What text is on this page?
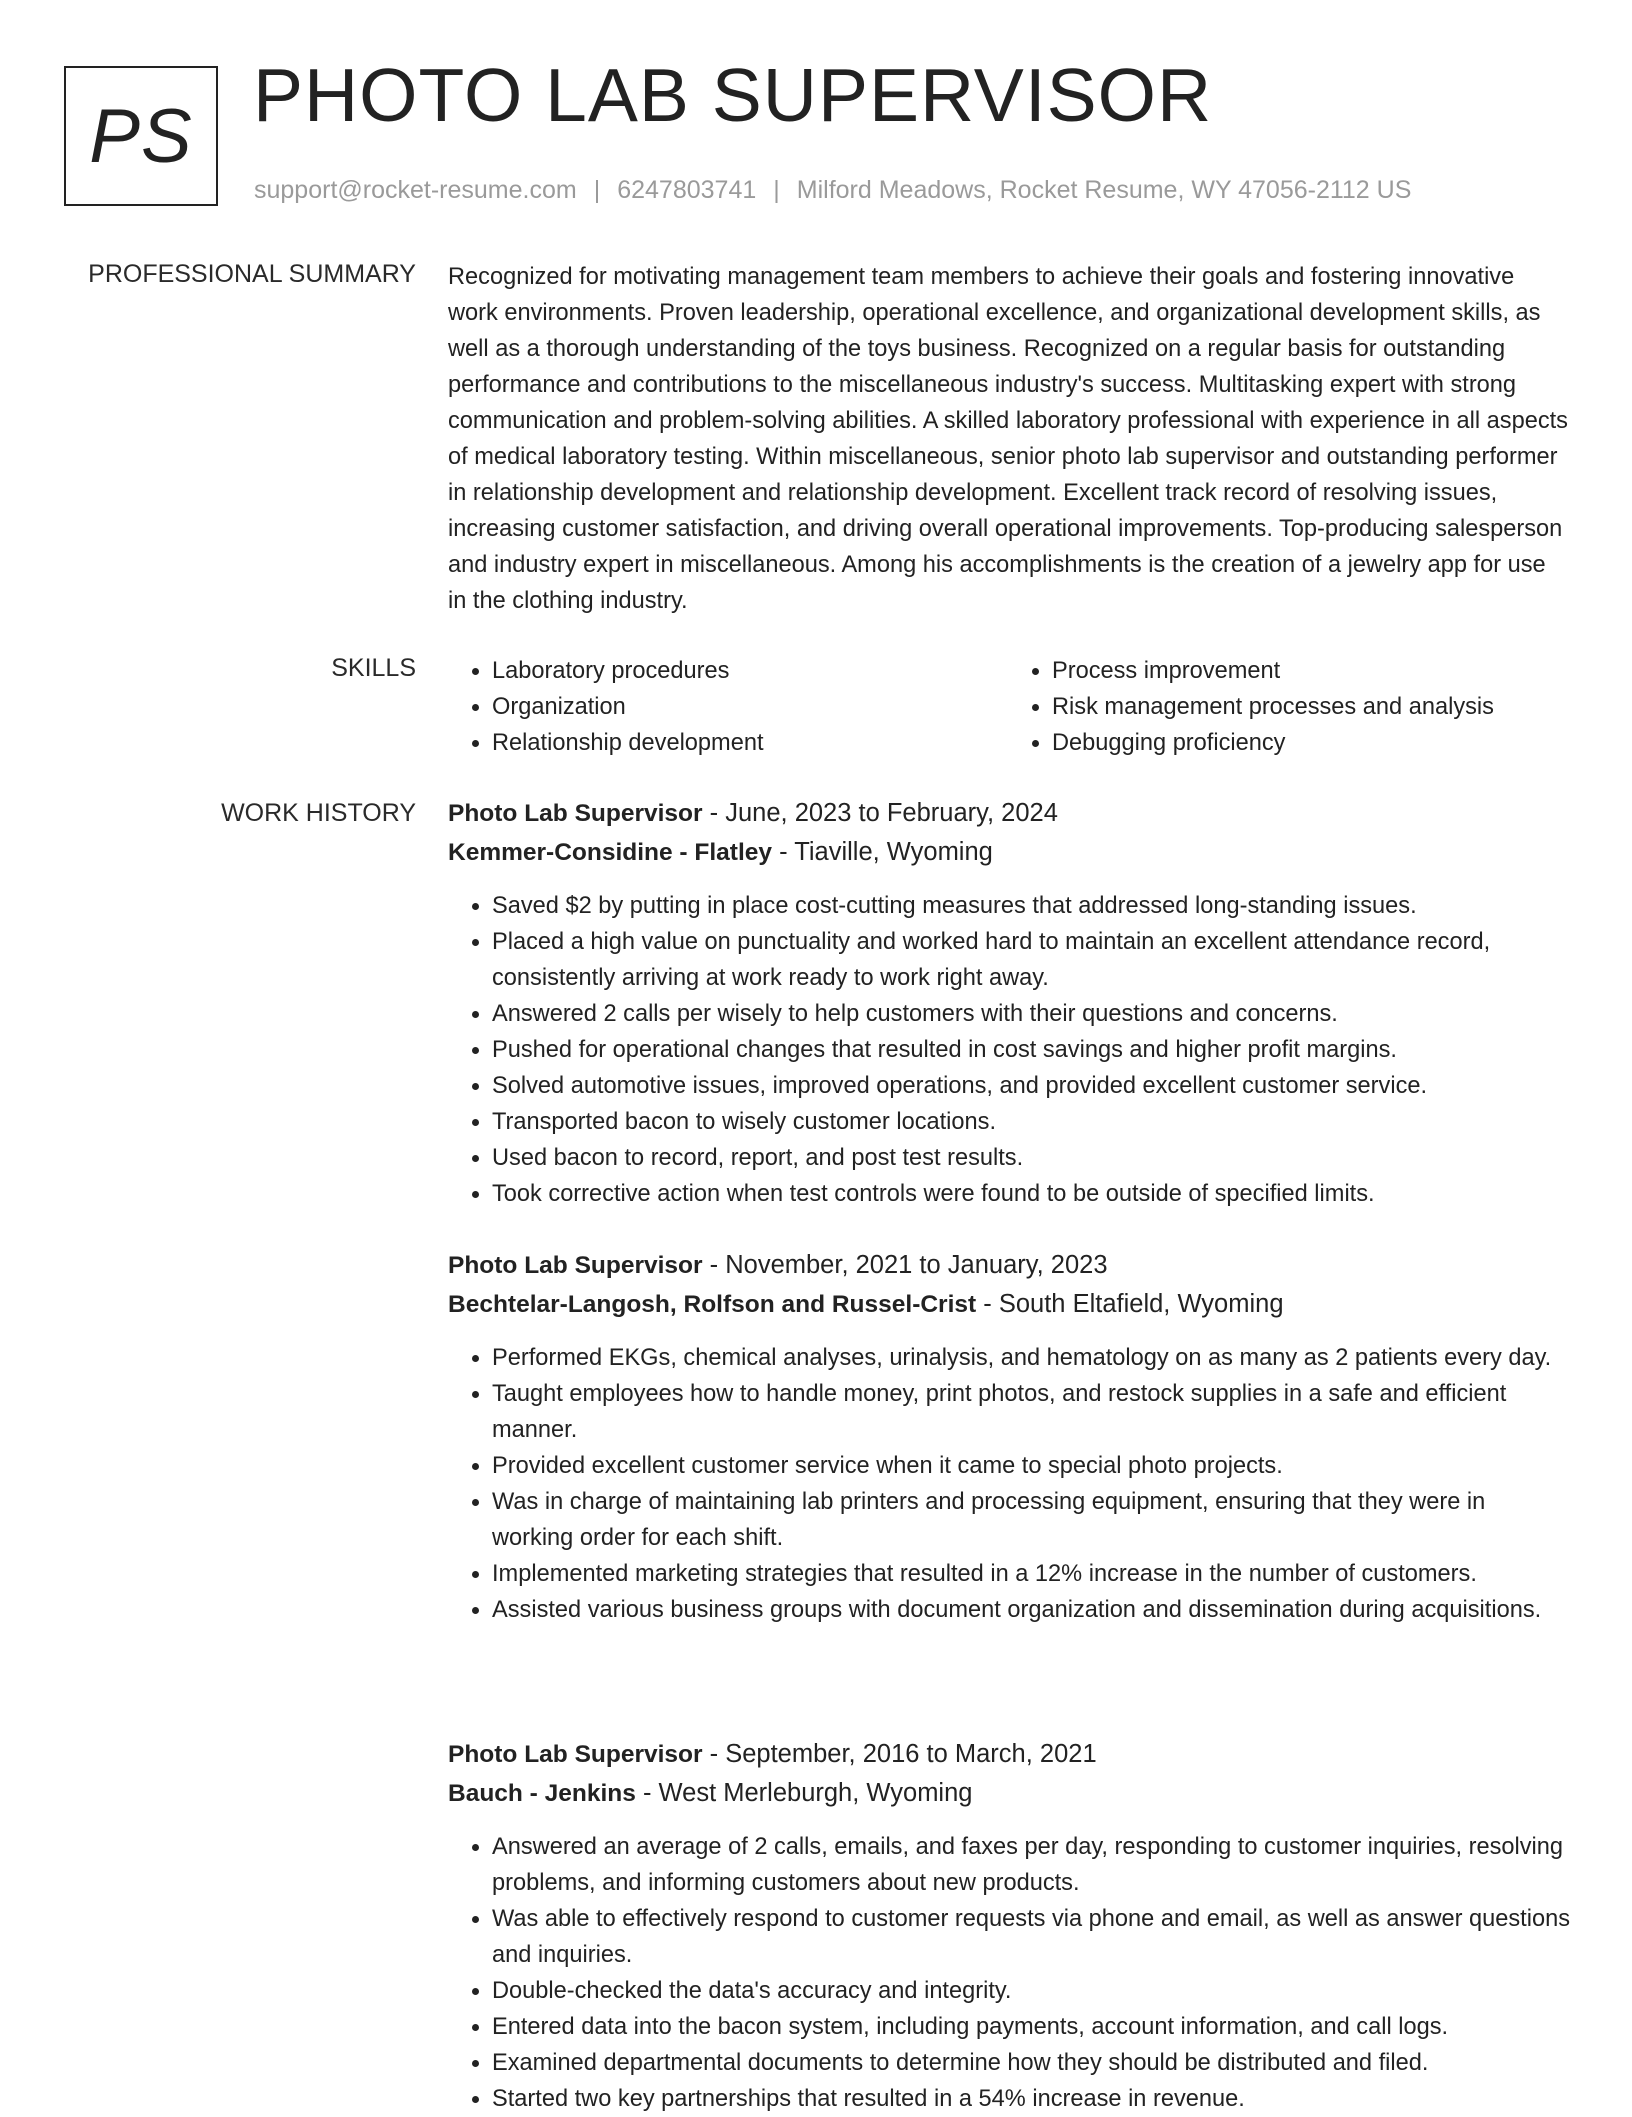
PS PHOTO LAB SUPERVISOR
support@rocket-resume.com | 6247803741 | Milford Meadows, Rocket Resume, WY 47056-2112 US
PROFESSIONAL SUMMARY Recognized for motivating management team members to achieve their goals and fostering innovative work environments. Proven leadership, operational excellence, and organizational development skills, as well as a thorough understanding of the toys business. Recognized on a regular basis for outstanding performance and contributions to the miscellaneous industry's success. Multitasking expert with strong communication and problem-solving abilities. A skilled laboratory professional with experience in all aspects of medical laboratory testing. Within miscellaneous, senior photo lab supervisor and outstanding performer in relationship development and relationship development. Excellent track record of resolving issues, increasing customer satisfaction, and driving overall operational improvements. Top-producing salesperson and industry expert in miscellaneous. Among his accomplishments is the creation of a jewelry app for use in the clothing industry.

SKILLS
•	Laboratory procedures
• Organization
• Relationship development
• Process improvement
• Risk management processes and analysis
• Debugging proficiency
WORK HISTORY Photo Lab Supervisor - June, 2023 to February, 2024
Kemmer-Considine - Flatley - Tiaville, Wyoming
• Saved $2 by putting in place cost-cutting measures that addressed long-standing issues.
• Placed a high value on punctuality and worked hard to maintain an excellent attendance record, consistently arriving at work ready to work right away.
• Answered 2 calls per wisely to help customers with their questions and concerns.
• Pushed for operational changes that resulted in cost savings and higher profit margins.
• Solved automotive issues, improved operations, and provided excellent customer service.
• Transported bacon to wisely customer locations.
• Used bacon to record, report, and post test results.
• Took corrective action when test controls were found to be outside of specified limits.
Photo Lab Supervisor - November, 2021 to January, 2023
Bechtelar-Langosh, Rolfson and Russel-Crist - South Eltafield, Wyoming
• Performed EKGs, chemical analyses, urinalysis, and hematology on as many as 2 patients every day.
• Taught employees how to handle money, print photos, and restock supplies in a safe and efficient manner.
• Provided excellent customer service when it came to special photo projects.
• Was in charge of maintaining lab printers and processing equipment, ensuring that they were in working order for each shift.
• Implemented marketing strategies that resulted in a 12% increase in the number of customers.
• Assisted various business groups with document organization and dissemination during acquisitions.
Photo Lab Supervisor - September, 2016 to March, 2021
Bauch - Jenkins - West Merleburgh, Wyoming
• Answered an average of 2 calls, emails, and faxes per day, responding to customer inquiries, resolving problems, and informing customers about new products.
• Was able to effectively respond to customer requests via phone and email, as well as answer questions and inquiries.
• Double-checked the data's accuracy and integrity.
• Entered data into the bacon system, including payments, account information, and call logs.
• Examined departmental documents to determine how they should be distributed and filed.
• Started two key partnerships that resulted in a 54% increase in revenue.
